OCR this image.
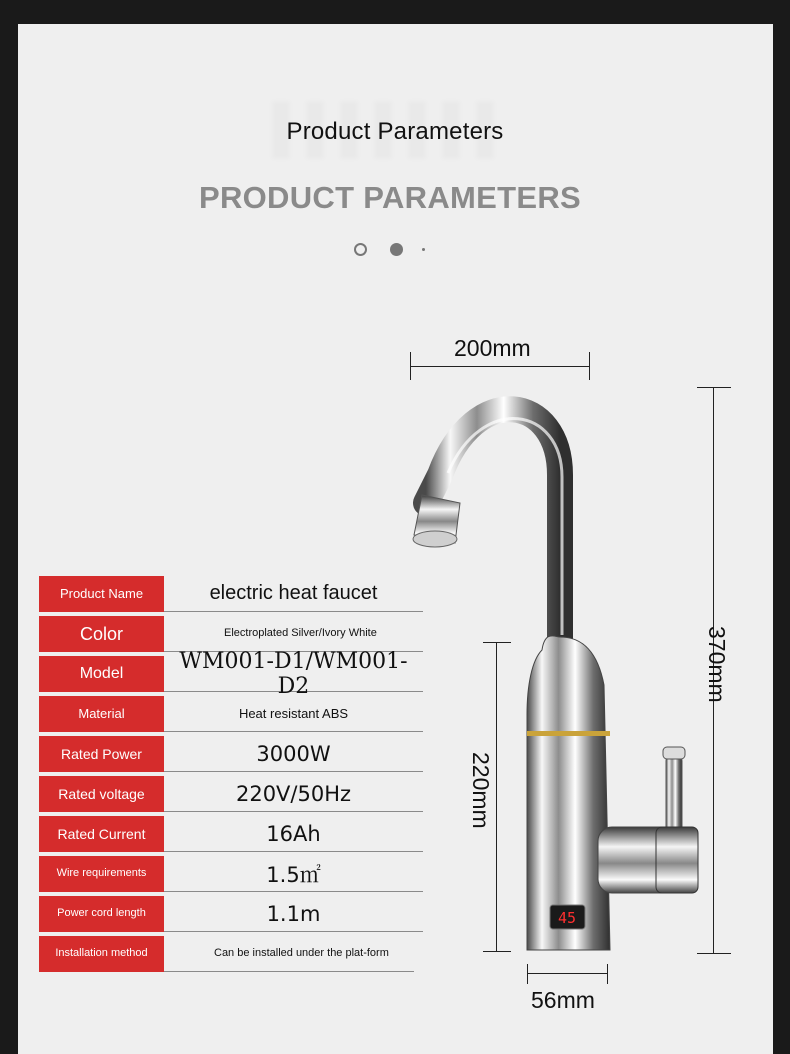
Product Parameters
PRODUCT PARAMETERS
Product Name	electric heat faucet
Color	Electroplated Silver/Ivory White
Model	WM001-D1/WM001-D2
Material	Heat resistant ABS
Rated Power	3000W
Rated voltage	220V/50Hz
Rated Current	16Ah
Wire requirements	1.5㎡
Power cord length	1.1m
Installation method	Can be installed under the plat-form
200mm
370mm
220mm
56mm
45
